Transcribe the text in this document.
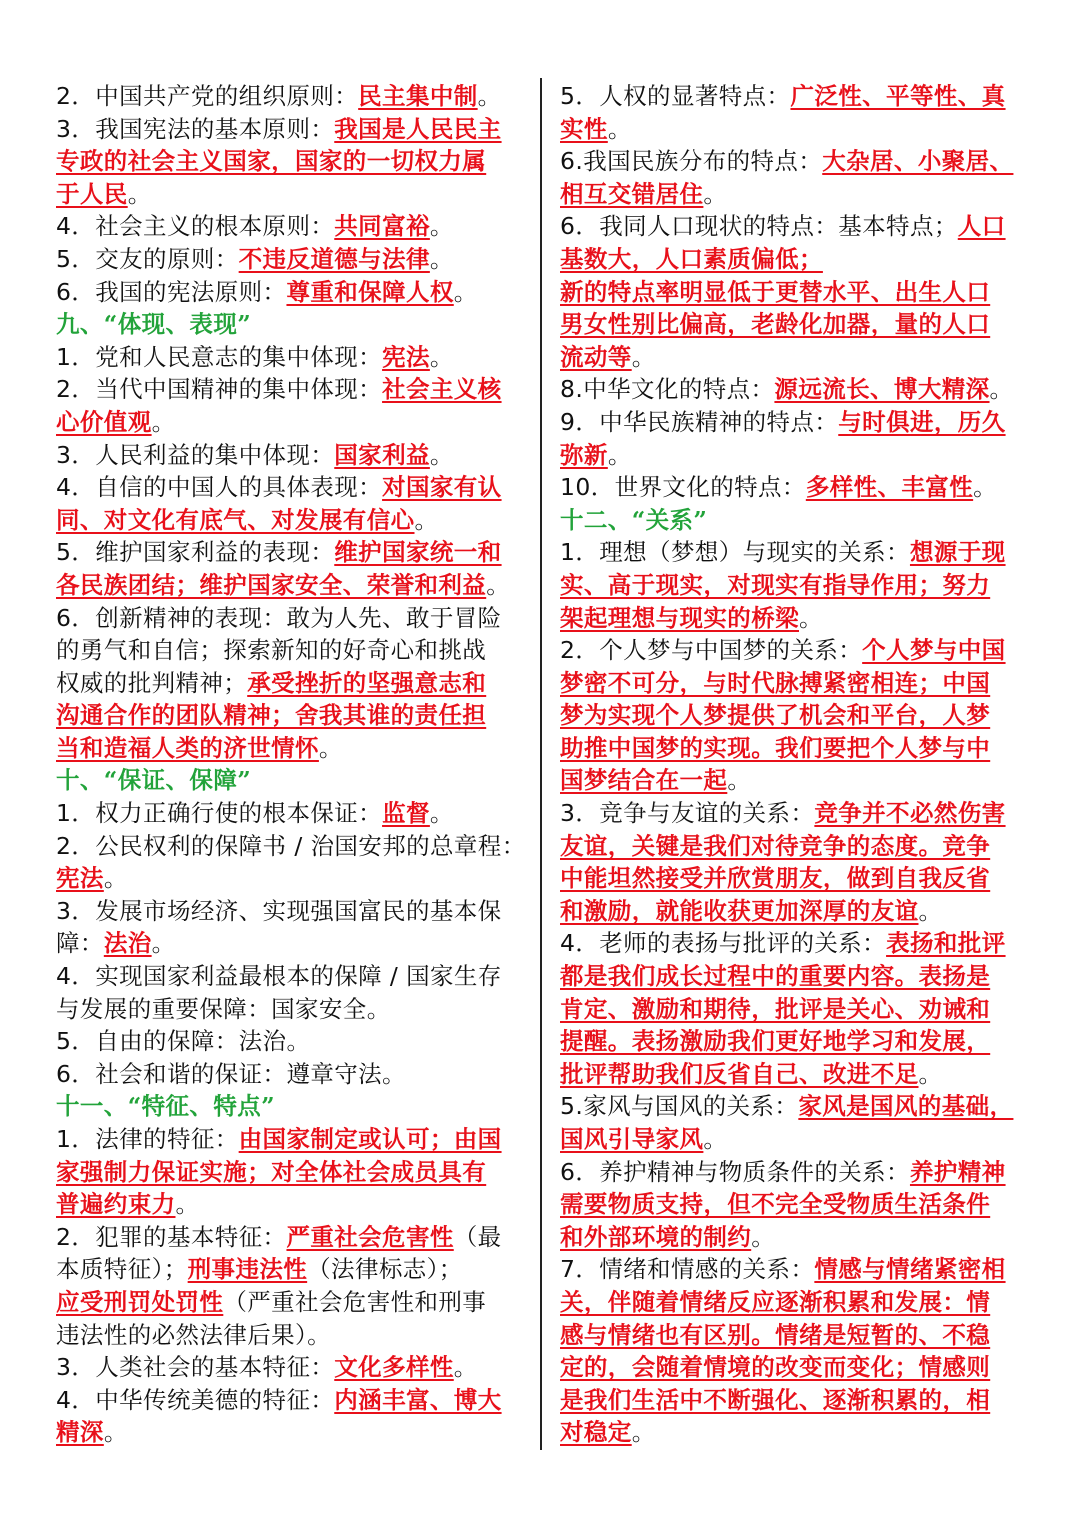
2．中国共产党的组织原则：民主集中制。
3．我国宪法的基本原则：我国是人民民主
专政的社会主义国家，国家的一切权力属
于人民。
4．社会主义的根本原则：共同富裕。
5．交友的原则：不违反道德与法律。
6．我国的宪法原则：尊重和保障人权。
九、“体现、表现”
1．党和人民意志的集中体现：宪法。
2．当代中国精神的集中体现：社会主义核
心价值观。
3．人民利益的集中体现：国家利益。
4．自信的中国人的具体表现：对国家有认
同、对文化有底气、对发展有信心。
5．维护国家利益的表现：维护国家统一和
各民族团结；维护国家安全、荣誉和利益。
6．创新精神的表现：敢为人先、敢于冒险
的勇气和自信；探索新知的好奇心和挑战
权威的批判精神；承受挫折的坚强意志和
沟通合作的团队精神；舍我其谁的责任担
当和造福人类的济世情怀。
十、“保证、保障”
1．权力正确行使的根本保证：监督。
2．公民权利的保障书 / 治国安邦的总章程：
宪法。
3．发展市场经济、实现强国富民的基本保
障：法治。
4．实现国家利益最根本的保障 / 国家生存
与发展的重要保障：国家安全。
5．自由的保障：法治。
6．社会和谐的保证：遵章守法。
十一、“特征、特点”
1．法律的特征：由国家制定或认可；由国
家强制力保证实施；对全体社会成员具有
普遍约束力。
2．犯罪的基本特征：严重社会危害性（最
本质特征）；刑事违法性（法律标志）；
应受刑罚处罚性（严重社会危害性和刑事
违法性的必然法律后果）。
3．人类社会的基本特征：文化多样性。
4．中华传统美德的特征：内涵丰富、博大
精深。
5．人权的显著特点：广泛性、平等性、真
实性。
6.我国民族分布的特点：大杂居、小聚居、
相互交错居住。
6．我同人口现状的特点：基本特点；人口
基数大，人口素质偏低；
新的特点率明显低于更替水平、出生人口
男女性别比偏高，老龄化加器，量的人口
流动等。
8.中华文化的特点：源远流长、博大精深。
9．中华民族精神的特点：与时俱进，历久
弥新。
10．世界文化的特点：多样性、丰富性。
十二、“关系”
1．理想（梦想）与现实的关系：想源于现
实、高于现实，对现实有指导作用；努力
架起理想与现实的桥梁。
2．个人梦与中国梦的关系：个人梦与中国
梦密不可分，与时代脉搏紧密相连；中国
梦为实现个人梦提供了机会和平台，人梦
助推中国梦的实现。我们要把个人梦与中
国梦结合在一起。
3．竞争与友谊的关系：竞争并不必然伤害
友谊，关键是我们对待竞争的态度。竞争
中能坦然接受并欣赏朋友，做到自我反省
和激励，就能收获更加深厚的友谊。
4．老师的表扬与批评的关系：表扬和批评
都是我们成长过程中的重要内容。表扬是
肯定、激励和期待，批评是关心、劝诫和
提醒。表扬激励我们更好地学习和发展，
批评帮助我们反省自己、改进不足。
5.家风与国风的关系：家风是国风的基础，
国风引导家风。
6．养护精神与物质条件的关系：养护精神
需要物质支持，但不完全受物质生活条件
和外部环境的制约。
7．情绪和情感的关系：情感与情绪紧密相
关，伴随着情绪反应逐渐积累和发展：情
感与情绪也有区别。情绪是短暂的、不稳
定的，会随着情境的改变而变化；情感则
是我们生活中不断强化、逐渐积累的，相
对稳定。
